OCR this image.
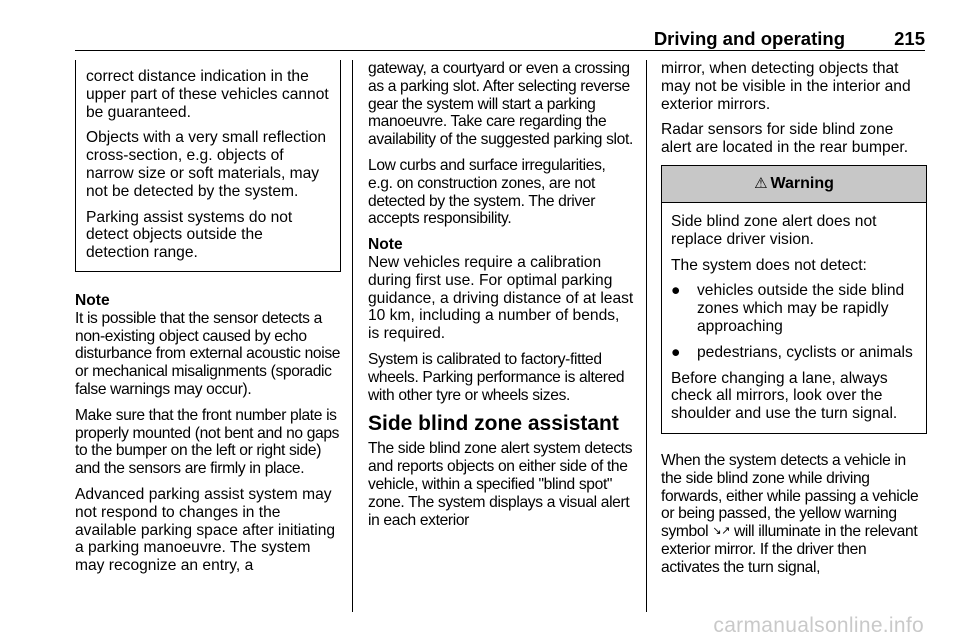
Driving and operating	215

correct distance indication in the upper part of these vehicles cannot be guaranteed.

Objects with a very small reflection cross-section, e.g. objects of narrow size or soft materials, may not be detected by the system.

Parking assist systems do not detect objects outside the detection range.

Note

It is possible that the sensor detects a non-existing object caused by echo disturbance from external acoustic noise or mechanical misalignments (sporadic false warnings may occur).

Make sure that the front number plate is properly mounted (not bent and no gaps to the bumper on the left or right side) and the sensors are firmly in place.

Advanced parking assist system may not respond to changes in the available parking space after initiating a parking manoeuvre. The system may recognize an entry, a

gateway, a courtyard or even a crossing as a parking slot. After selecting reverse gear the system will start a parking manoeuvre. Take care regarding the availability of the suggested parking slot.

Low curbs and surface irregularities, e.g. on construction zones, are not detected by the system. The driver accepts responsibility.

Note

New vehicles require a calibration during first use. For optimal parking guidance, a driving distance of at least 10 km, including a number of bends, is required.

System is calibrated to factory-fitted wheels. Parking performance is altered with other tyre or wheels sizes.

Side blind zone assistant

The side blind zone alert system detects and reports objects on either side of the vehicle, within a specified "blind spot" zone. The system displays a visual alert in each exterior

mirror, when detecting objects that may not be visible in the interior and exterior mirrors.

Radar sensors for side blind zone alert are located in the rear bumper.

⚠ Warning

Side blind zone alert does not replace driver vision.

The system does not detect:

●	vehicles outside the side blind zones which may be rapidly approaching
●	pedestrians, cyclists or animals

Before changing a lane, always check all mirrors, look over the shoulder and use the turn signal.

When the system detects a vehicle in the side blind zone while driving forwards, either while passing a vehicle or being passed, the yellow warning symbol ↘↗ will illuminate in the relevant exterior mirror. If the driver then activates the turn signal,

carmanualsonline.info
